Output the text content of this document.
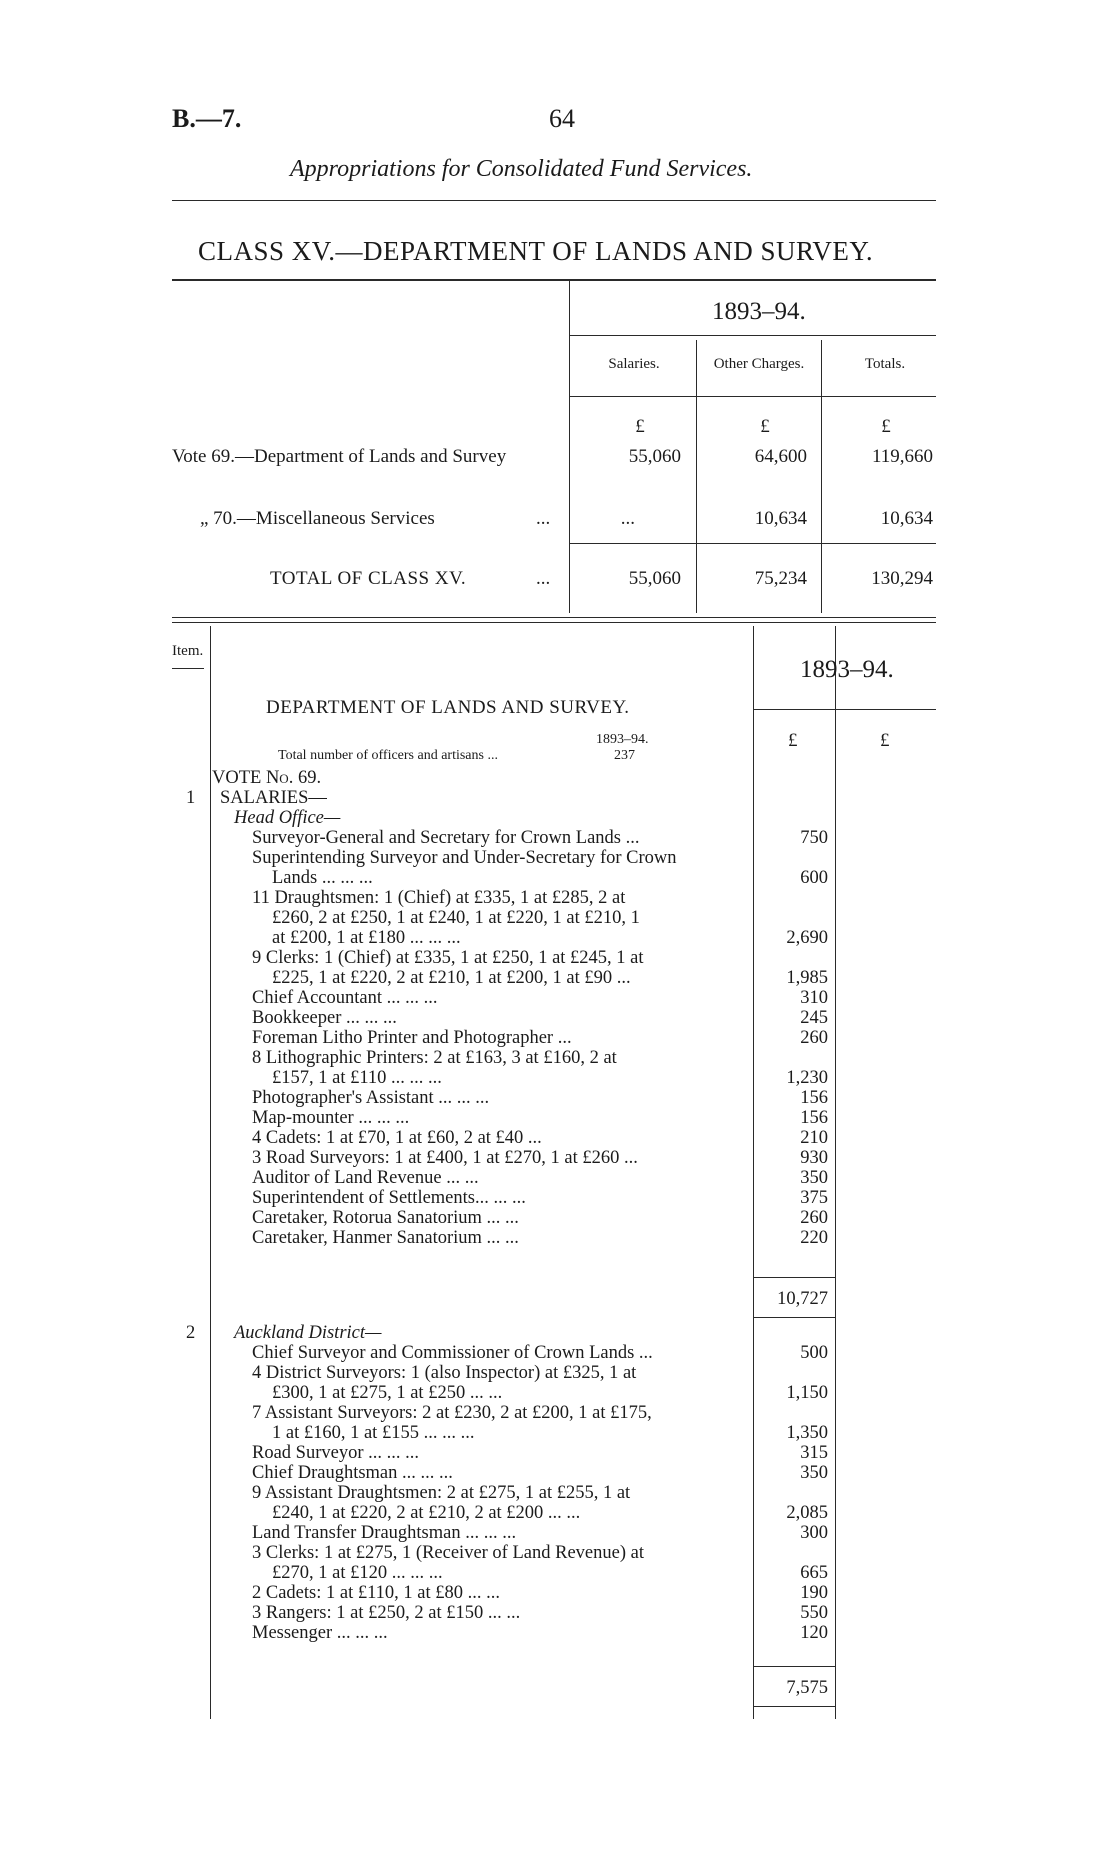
B.—7.	64
Appropriations for Consolidated Fund Services.
CLASS XV.—DEPARTMENT OF LANDS AND SURVEY.
1893–94.
Salaries.	Other Charges.	Totals.
£	£	£
Vote 69.—Department of Lands and Survey	55,060	64,600	119,660
„ 70.—Miscellaneous Services	...	...	10,634	10,634
TOTAL OF CLASS XV.	...	55,060	75,234	130,294
Item.
1893–94.
DEPARTMENT OF LANDS AND SURVEY.
£	£
1893–94.
Total number of officers and artisans ...	237
VOTE No. 69.
1 SALARIES—
Head Office—
Surveyor-General and Secretary for Crown Lands ...	750
Superintending Surveyor and Under-Secretary for Crown
Lands ... ... ...	600
11 Draughtsmen: 1 (Chief) at £335, 1 at £285, 2 at
£260, 2 at £250, 1 at £240, 1 at £220, 1 at £210, 1
at £200, 1 at £180 ... ... ...	2,690
9 Clerks: 1 (Chief) at £335, 1 at £250, 1 at £245, 1 at
£225, 1 at £220, 2 at £210, 1 at £200, 1 at £90 ...	1,985
Chief Accountant ... ... ...	310
Bookkeeper ... ... ...	245
Foreman Litho Printer and Photographer ...	260
8 Lithographic Printers: 2 at £163, 3 at £160, 2 at
£157, 1 at £110 ... ... ...	1,230
Photographer's Assistant ... ... ...	156
Map-mounter ... ... ...	156
4 Cadets: 1 at £70, 1 at £60, 2 at £40 ...	210
3 Road Surveyors: 1 at £400, 1 at £270, 1 at £260 ...	930
Auditor of Land Revenue ... ...	350
Superintendent of Settlements... ... ...	375
Caretaker, Rotorua Sanatorium ... ...	260
Caretaker, Hanmer Sanatorium ... ...	220
10,727
2 Auckland District—
Chief Surveyor and Commissioner of Crown Lands ...	500
4 District Surveyors: 1 (also Inspector) at £325, 1 at
£300, 1 at £275, 1 at £250 ... ...	1,150
7 Assistant Surveyors: 2 at £230, 2 at £200, 1 at £175,
1 at £160, 1 at £155 ... ... ...	1,350
Road Surveyor ... ... ...	315
Chief Draughtsman ... ... ...	350
9 Assistant Draughtsmen: 2 at £275, 1 at £255, 1 at
£240, 1 at £220, 2 at £210, 2 at £200 ... ...	2,085
Land Transfer Draughtsman ... ... ...	300
3 Clerks: 1 at £275, 1 (Receiver of Land Revenue) at
£270, 1 at £120 ... ... ...	665
2 Cadets: 1 at £110, 1 at £80 ... ...	190
3 Rangers: 1 at £250, 2 at £150 ... ...	550
Messenger ... ... ...	120
7,575
